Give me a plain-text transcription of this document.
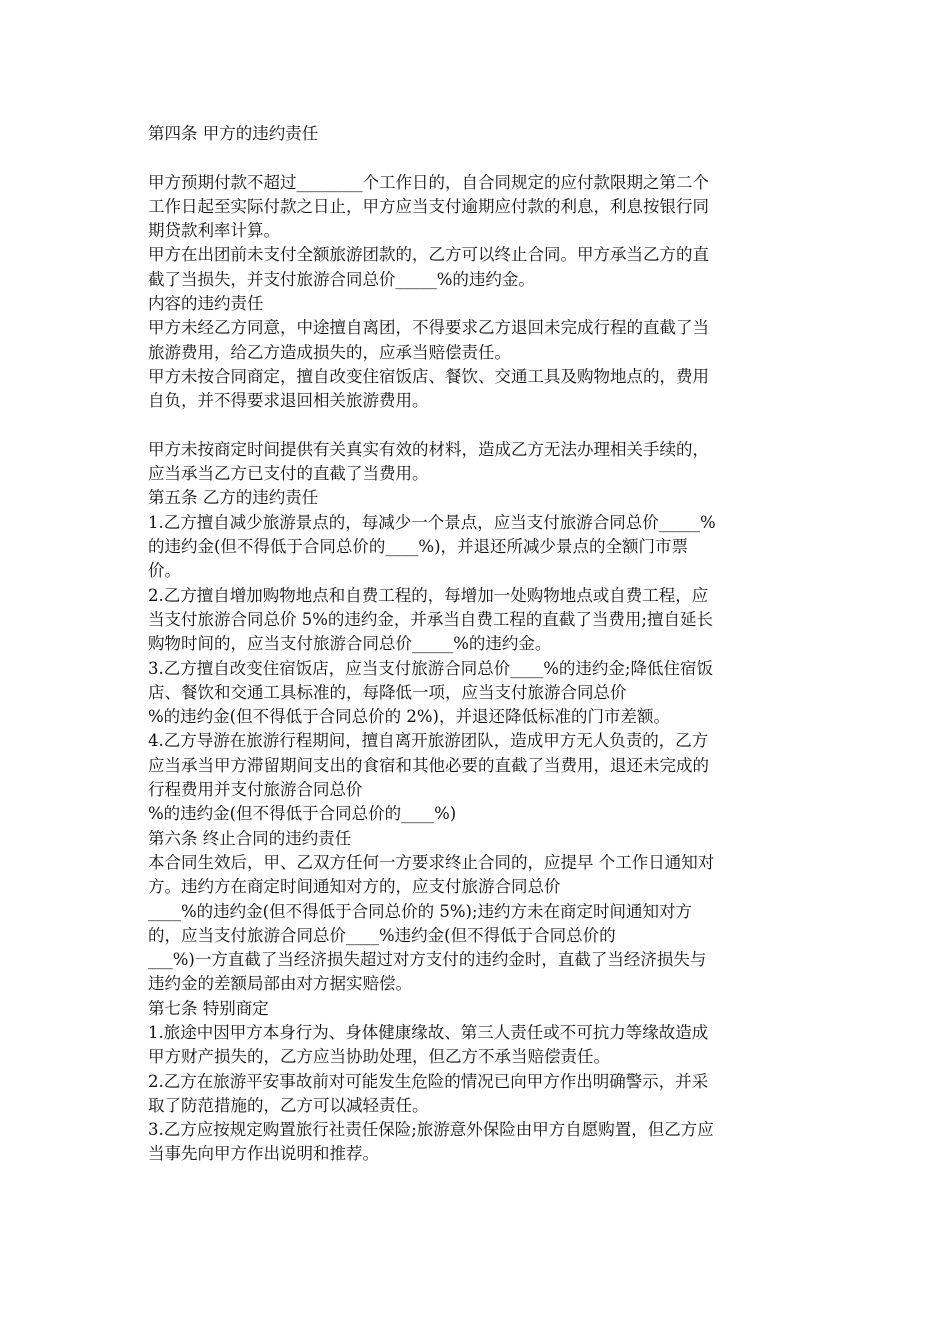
第四条 甲方的违约责任
甲方预期付款不超过________个工作日的，自合同规定的应付款限期之第二个
工作日起至实际付款之日止，甲方应当支付逾期应付款的利息，利息按银行同
期贷款利率计算。
甲方在出团前未支付全额旅游团款的，乙方可以终止合同。甲方承当乙方的直
截了当损失，并支付旅游合同总价_____%的违约金。
内容的违约责任
甲方未经乙方同意，中途擅自离团，不得要求乙方退回未完成行程的直截了当
旅游费用，给乙方造成损失的，应承当赔偿责任。
甲方未按合同商定，擅自改变住宿饭店、餐饮、交通工具及购物地点的，费用
自负，并不得要求退回相关旅游费用。
甲方未按商定时间提供有关真实有效的材料，造成乙方无法办理相关手续的，
应当承当乙方已支付的直截了当费用。
第五条 乙方的违约责任
1.乙方擅自减少旅游景点的，每减少一个景点，应当支付旅游合同总价_____%
的违约金(但不得低于合同总价的____%)，并退还所减少景点的全额门市票
价。
2.乙方擅自增加购物地点和自费工程的，每增加一处购物地点或自费工程，应
当支付旅游合同总价 5%的违约金，并承当自费工程的直截了当费用;擅自延长
购物时间的，应当支付旅游合同总价_____%的违约金。
3.乙方擅自改变住宿饭店，应当支付旅游合同总价____%的违约金;降低住宿饭
店、餐饮和交通工具标准的，每降低一项，应当支付旅游合同总价
%的违约金(但不得低于合同总价的 2%)，并退还降低标准的门市差额。
4.乙方导游在旅游行程期间，擅自离开旅游团队，造成甲方无人负责的，乙方
应当承当甲方滞留期间支出的食宿和其他必要的直截了当费用，退还未完成的
行程费用并支付旅游合同总价
%的违约金(但不得低于合同总价的____%)
第六条 终止合同的违约责任
本合同生效后，甲、乙双方任何一方要求终止合同的，应提早 个工作日通知对
方。违约方在商定时间通知对方的，应支付旅游合同总价
____%的违约金(但不得低于合同总价的 5%);违约方未在商定时间通知对方
的，应当支付旅游合同总价____%违约金(但不得低于合同总价的
___%)一方直截了当经济损失超过对方支付的违约金时，直截了当经济损失与
违约金的差额局部由对方据实赔偿。
第七条 特别商定
1.旅途中因甲方本身行为、身体健康缘故、第三人责任或不可抗力等缘故造成
甲方财产损失的，乙方应当协助处理，但乙方不承当赔偿责任。
2.乙方在旅游平安事故前对可能发生危险的情况已向甲方作出明确警示，并采
取了防范措施的，乙方可以减轻责任。
3.乙方应按规定购置旅行社责任保险;旅游意外保险由甲方自愿购置，但乙方应
当事先向甲方作出说明和推荐。
